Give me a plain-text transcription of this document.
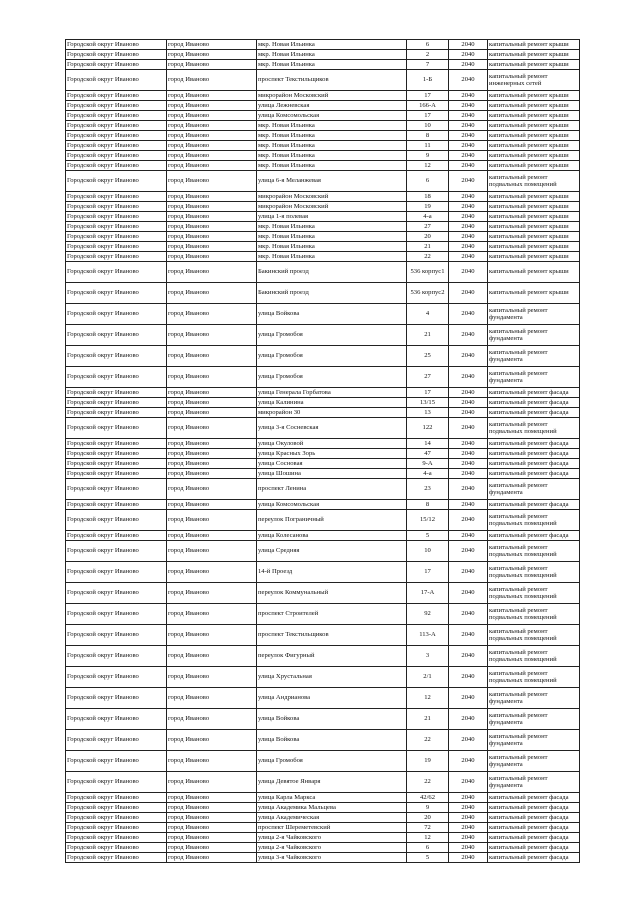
Городской округ Иваново	город Иваново	мкр. Новая Ильинка	6	2040	капитальный ремонт крыши
Городской округ Иваново	город Иваново	мкр. Новая Ильинка	2	2040	капитальный ремонт крыши
Городской округ Иваново	город Иваново	мкр. Новая Ильинка	7	2040	капитальный ремонт крыши
Городской округ Иваново	город Иваново	проспект Текстильщиков	1-Б	2040	капитальный ремонт инженерных сетей
Городской округ Иваново	город Иваново	микрорайон Московский	17	2040	капитальный ремонт крыши
Городской округ Иваново	город Иваново	улица Лежневская	166-А	2040	капитальный ремонт крыши
Городской округ Иваново	город Иваново	улица Комсомольская	17	2040	капитальный ремонт крыши
Городской округ Иваново	город Иваново	мкр. Новая Ильинка	10	2040	капитальный ремонт крыши
Городской округ Иваново	город Иваново	мкр. Новая Ильинка	8	2040	капитальный ремонт крыши
Городской округ Иваново	город Иваново	мкр. Новая Ильинка	11	2040	капитальный ремонт крыши
Городской округ Иваново	город Иваново	мкр. Новая Ильинка	9	2040	капитальный ремонт крыши
Городской округ Иваново	город Иваново	мкр. Новая Ильинка	12	2040	капитальный ремонт крыши
Городской округ Иваново	город Иваново	улица 6-я Меланжевая	6	2040	капитальный ремонт подвальных помещений
Городской округ Иваново	город Иваново	микрорайон Московский	18	2040	капитальный ремонт крыши
Городской округ Иваново	город Иваново	микрорайон Московский	19	2040	капитальный ремонт крыши
Городской округ Иваново	город Иваново	улица 1-я полевая	4-а	2040	капитальный ремонт крыши
Городской округ Иваново	город Иваново	мкр. Новая Ильинка	27	2040	капитальный ремонт крыши
Городской округ Иваново	город Иваново	мкр. Новая Ильинка	20	2040	капитальный ремонт крыши
Городской округ Иваново	город Иваново	мкр. Новая Ильинка	21	2040	капитальный ремонт крыши
Городской округ Иваново	город Иваново	мкр. Новая Ильинка	22	2040	капитальный ремонт крыши
Городской округ Иваново	город Иваново	Бакинский проезд	536 корпус1	2040	капитальный ремонт крыши
Городской округ Иваново	город Иваново	Бакинский проезд	536 корпус2	2040	капитальный ремонт крыши
Городской округ Иваново	город Иваново	улица Войкова	4	2040	капитальный ремонт фундамента
Городской округ Иваново	город Иваново	улица Громобоя	21	2040	капитальный ремонт фундамента
Городской округ Иваново	город Иваново	улица Громобоя	25	2040	капитальный ремонт фундамента
Городской округ Иваново	город Иваново	улица Громобоя	27	2040	капитальный ремонт фундамента
Городской округ Иваново	город Иваново	улица Генерала Горбатова	17	2040	капитальный ремонт фасада
Городской округ Иваново	город Иваново	улица Калинина	13/15	2040	капитальный ремонт фасада
Городской округ Иваново	город Иваново	микрорайон 30	13	2040	капитальный ремонт фасада
Городской округ Иваново	город Иваново	улица 3-я Сосневская	122	2040	капитальный ремонт подвальных помещений
Городской округ Иваново	город Иваново	улица Окуловой	14	2040	капитальный ремонт фасада
Городской округ Иваново	город Иваново	улица Красных Зорь	47	2040	капитальный ремонт фасада
Городской округ Иваново	город Иваново	улица Сосновая	9-А	2040	капитальный ремонт фасада
Городской округ Иваново	город Иваново	улица Шошина	4-а	2040	капитальный ремонт фасада
Городской округ Иваново	город Иваново	проспект Ленина	23	2040	капитальный ремонт фундамента
Городской округ Иваново	город Иваново	улица Комсомольская	8	2040	капитальный ремонт фасада
Городской округ Иваново	город Иваново	переулок Пограничный	15/12	2040	капитальный ремонт подвальных помещений
Городской округ Иваново	город Иваново	улица Колесанова	5	2040	капитальный ремонт фасада
Городской округ Иваново	город Иваново	улица Средняя	10	2040	капитальный ремонт подвальных помещений
Городской округ Иваново	город Иваново	14-й Проезд	17	2040	капитальный ремонт подвальных помещений
Городской округ Иваново	город Иваново	переулок Коммунальный	17-А	2040	капитальный ремонт подвальных помещений
Городской округ Иваново	город Иваново	проспект Строителей	92	2040	капитальный ремонт подвальных помещений
Городской округ Иваново	город Иваново	проспект Текстильщиков	113-А	2040	капитальный ремонт подвальных помещений
Городской округ Иваново	город Иваново	переулок Фигурный	3	2040	капитальный ремонт подвальных помещений
Городской округ Иваново	город Иваново	улица Хрустальная	2/1	2040	капитальный ремонт подвальных помещений
Городской округ Иваново	город Иваново	улица Андрианова	12	2040	капитальный ремонт фундамента
Городской округ Иваново	город Иваново	улица Войкова	21	2040	капитальный ремонт фундамента
Городской округ Иваново	город Иваново	улица Войкова	22	2040	капитальный ремонт фундамента
Городской округ Иваново	город Иваново	улица Громобоя	19	2040	капитальный ремонт фундамента
Городской округ Иваново	город Иваново	улица Девятое Января	22	2040	капитальный ремонт фундамента
Городской округ Иваново	город Иваново	улица Карла Маркса	42/62	2040	капитальный ремонт фасада
Городской округ Иваново	город Иваново	улица Академика Мальцева	9	2040	капитальный ремонт фасада
Городской округ Иваново	город Иваново	улица Академическая	20	2040	капитальный ремонт фасада
Городской округ Иваново	город Иваново	проспект Шереметевский	72	2040	капитальный ремонт фасада
Городской округ Иваново	город Иваново	улица 2-я Чайковского	12	2040	капитальный ремонт фасада
Городской округ Иваново	город Иваново	улица 2-я Чайковского	6	2040	капитальный ремонт фасада
Городской округ Иваново	город Иваново	улица 3-я Чайковского	5	2040	капитальный ремонт фасада
